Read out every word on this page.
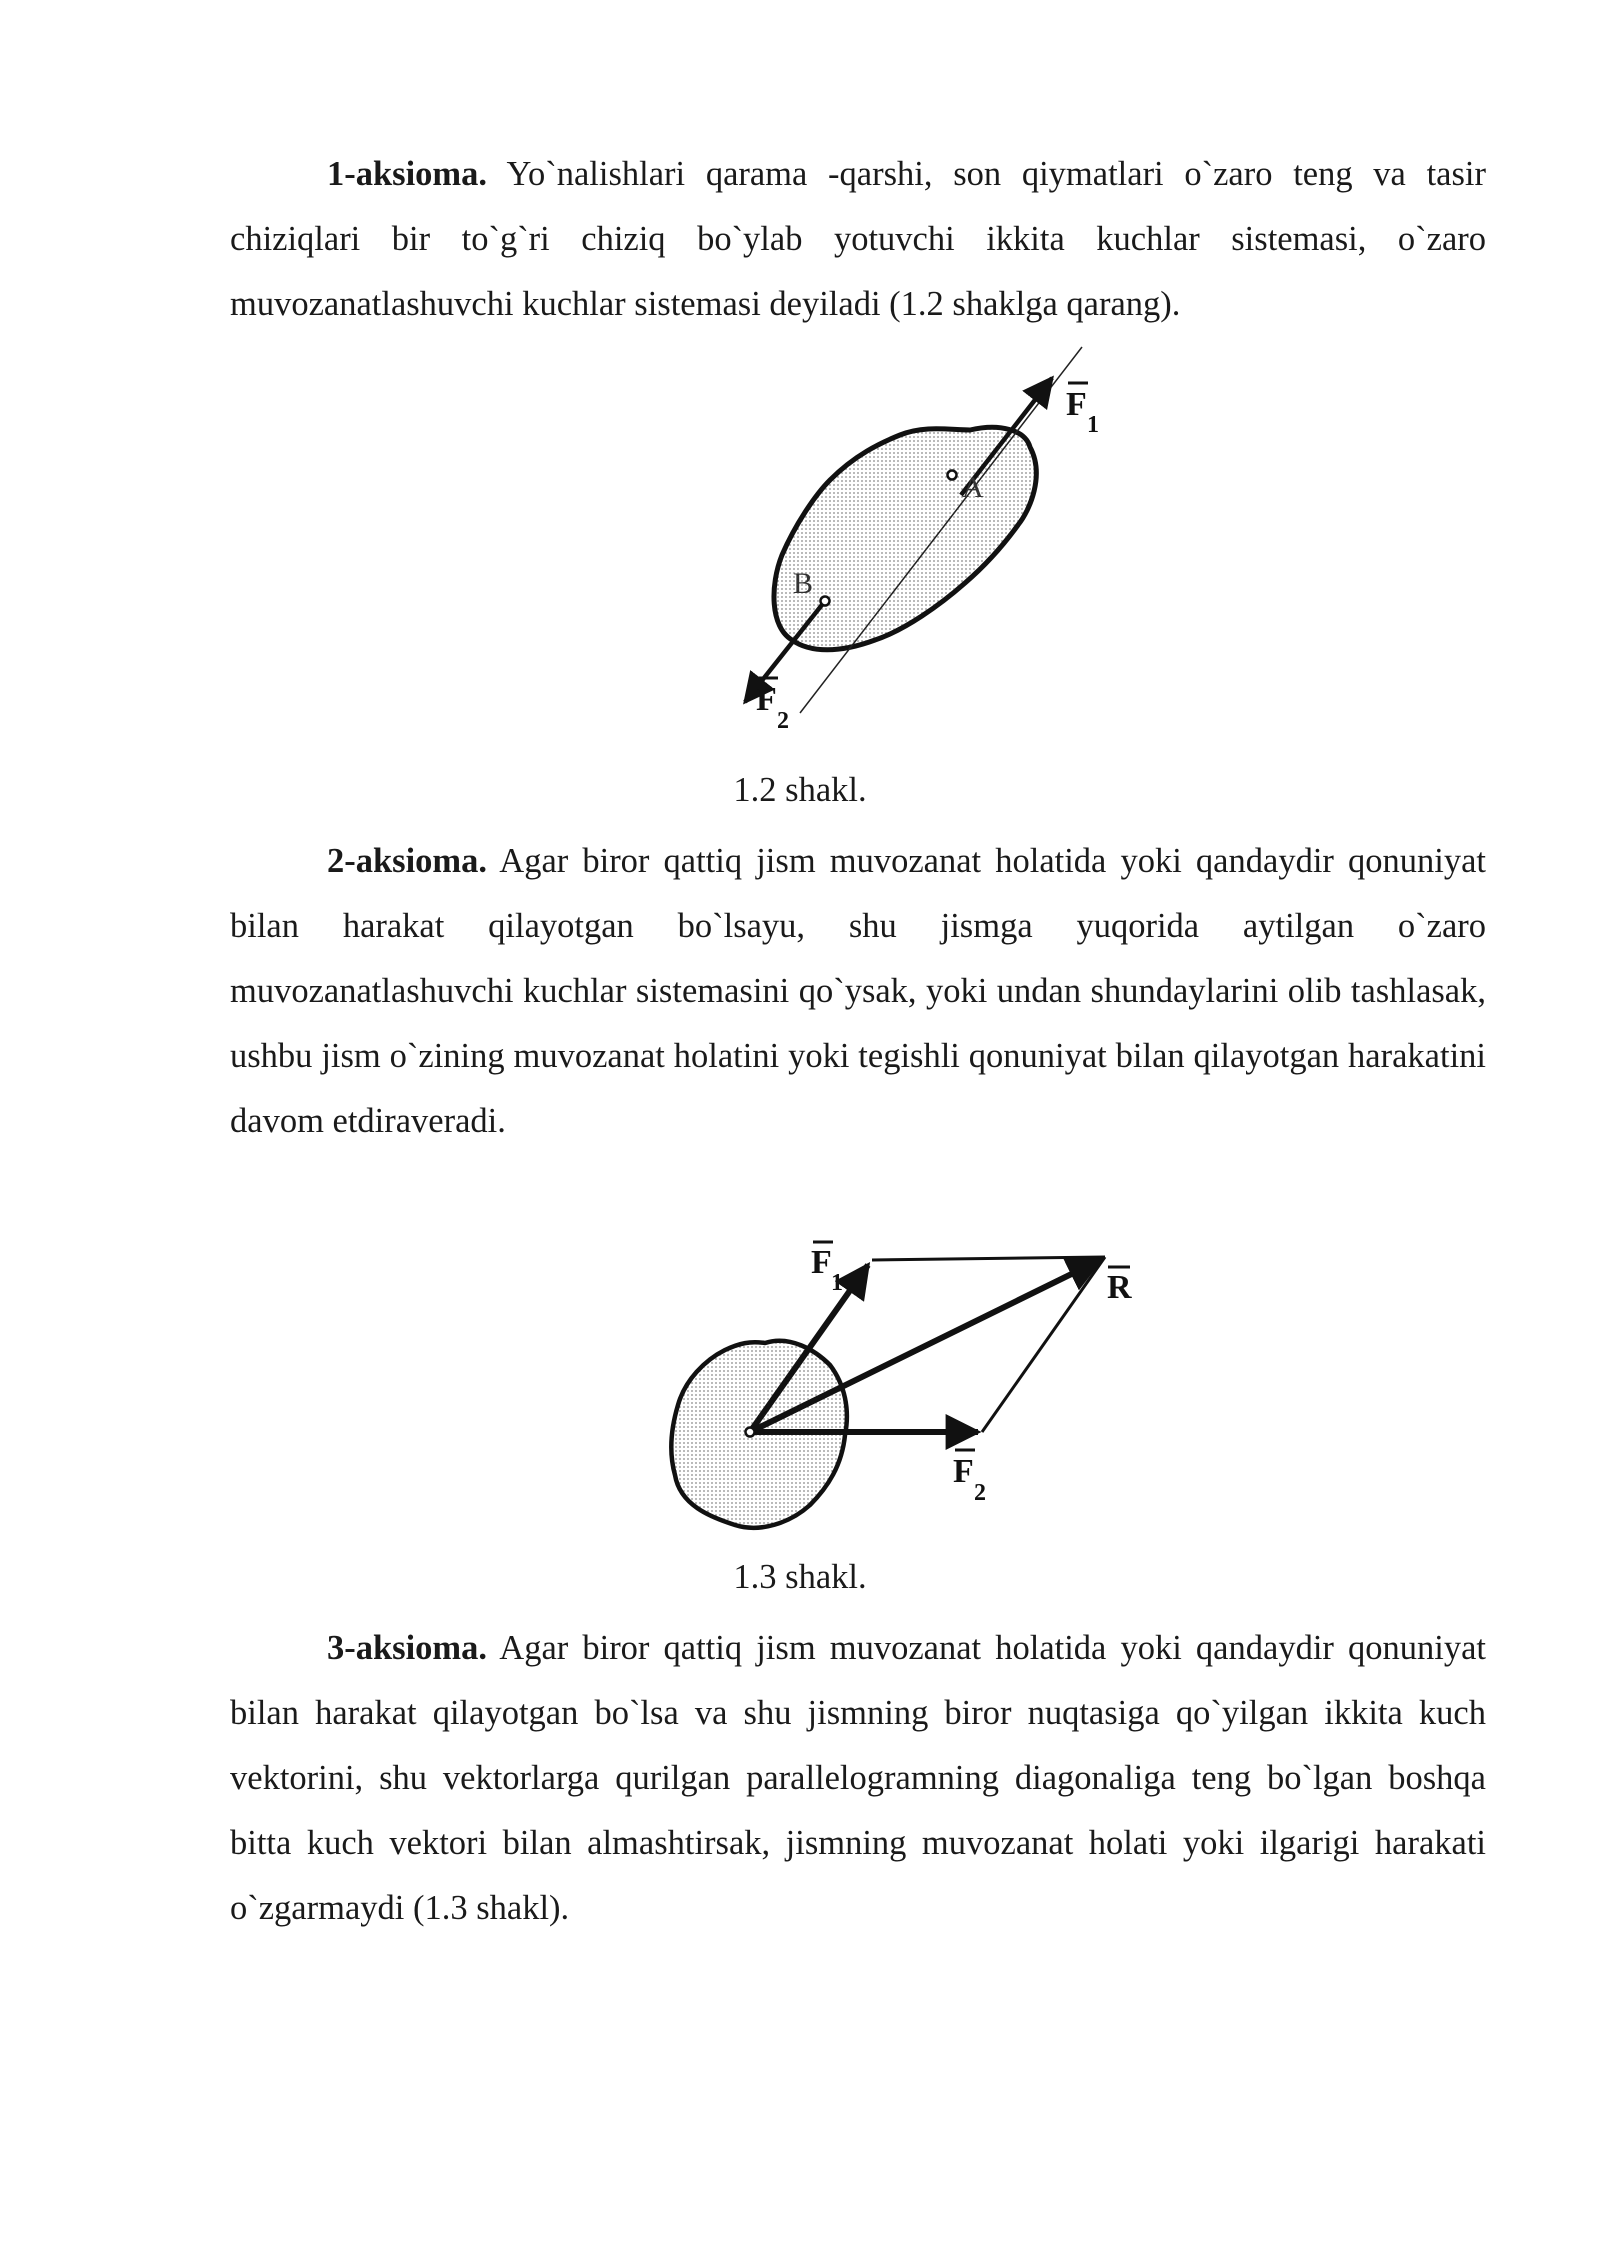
1-aksioma. Yo`nalishlari qarama -qarshi, son qiymatlari o`zaro teng va tasir chiziqlari bir to`g`ri chiziq bo`ylab yotuvchi ikkita kuchlar sistemasi, o`zaro muvozanatlashuvchi kuchlar sistemasi deyiladi (1.2 shaklga qarang).

A
B
F
1
F
2

1.2 shakl.

2-aksioma. Agar biror qattiq jism muvozanat holatida yoki qandaydir qonuniyat bilan harakat qilayotgan bo`lsayu, shu jismga yuqorida aytilgan o`zaro muvozanatlashuvchi kuchlar sistemasini qo`ysak, yoki undan shundaylarini olib tashlasak, ushbu jism o`zining muvozanat holatini yoki tegishli qonuniyat bilan qilayotgan harakatini davom etdiraveradi.

F
1	R
F
2

1.3 shakl.

3-aksioma. Agar biror qattiq jism muvozanat holatida yoki qandaydir qonuniyat bilan harakat qilayotgan bo`lsa va shu jismning biror nuqtasiga qo`yilgan ikkita kuch vektorini, shu vektorlarga qurilgan parallelogramning diagonaliga teng bo`lgan boshqa bitta kuch vektori bilan almashtirsak, jismning muvozanat holati yoki ilgarigi harakati o`zgarmaydi (1.3 shakl).
